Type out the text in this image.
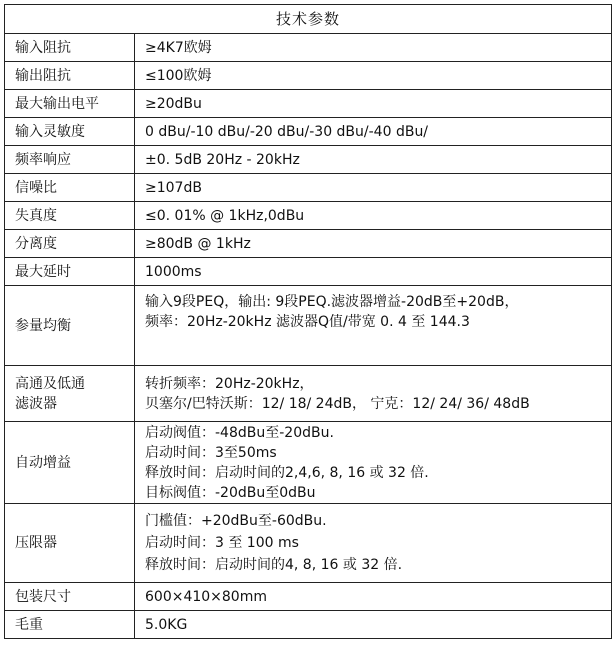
技术参数	
输入阻抗	≥4K7欧姆

输出阻抗	≤100欧姆

最大输出电平	≥20dBu

输入灵敏度	0 dBu/-10 dBu/-20 dBu/-30 dBu/-40 dBu/

频率响应	±0. 5dB 20Hz - 20kHz

信噪比	≥107dB

失真度	≤0. 01% @ 1kHz,0dBu

分离度	≥80dB @ 1kHz

最大延时	1000ms

参量均衡	输入9段PEQ，输出: 9段PEQ.滤波器增益-20dB至+20dB，
频率：20Hz-20kHz 滤波器Q值/带宽 0. 4 至 144.3

高通及低通
滤波器	转折频率：20Hz-20kHz，
贝塞尔/巴特沃斯：12/ 18/ 24dB， 宁克：12/ 24/ 36/ 48dB

自动增益	启动阀值：-48dBu至-20dBu.
启动时间：3至50ms
释放时间：启动时间的2,4,6, 8, 16 或 32 倍.
目标阀值：-20dBu至0dBu

压限器	门槛值：+20dBu至-60dBu.
启动时间：3 至 100 ms
释放时间：启动时间的4, 8, 16 或 32 倍.

包装尺寸	600×410×80mm

毛重	5.0KG
